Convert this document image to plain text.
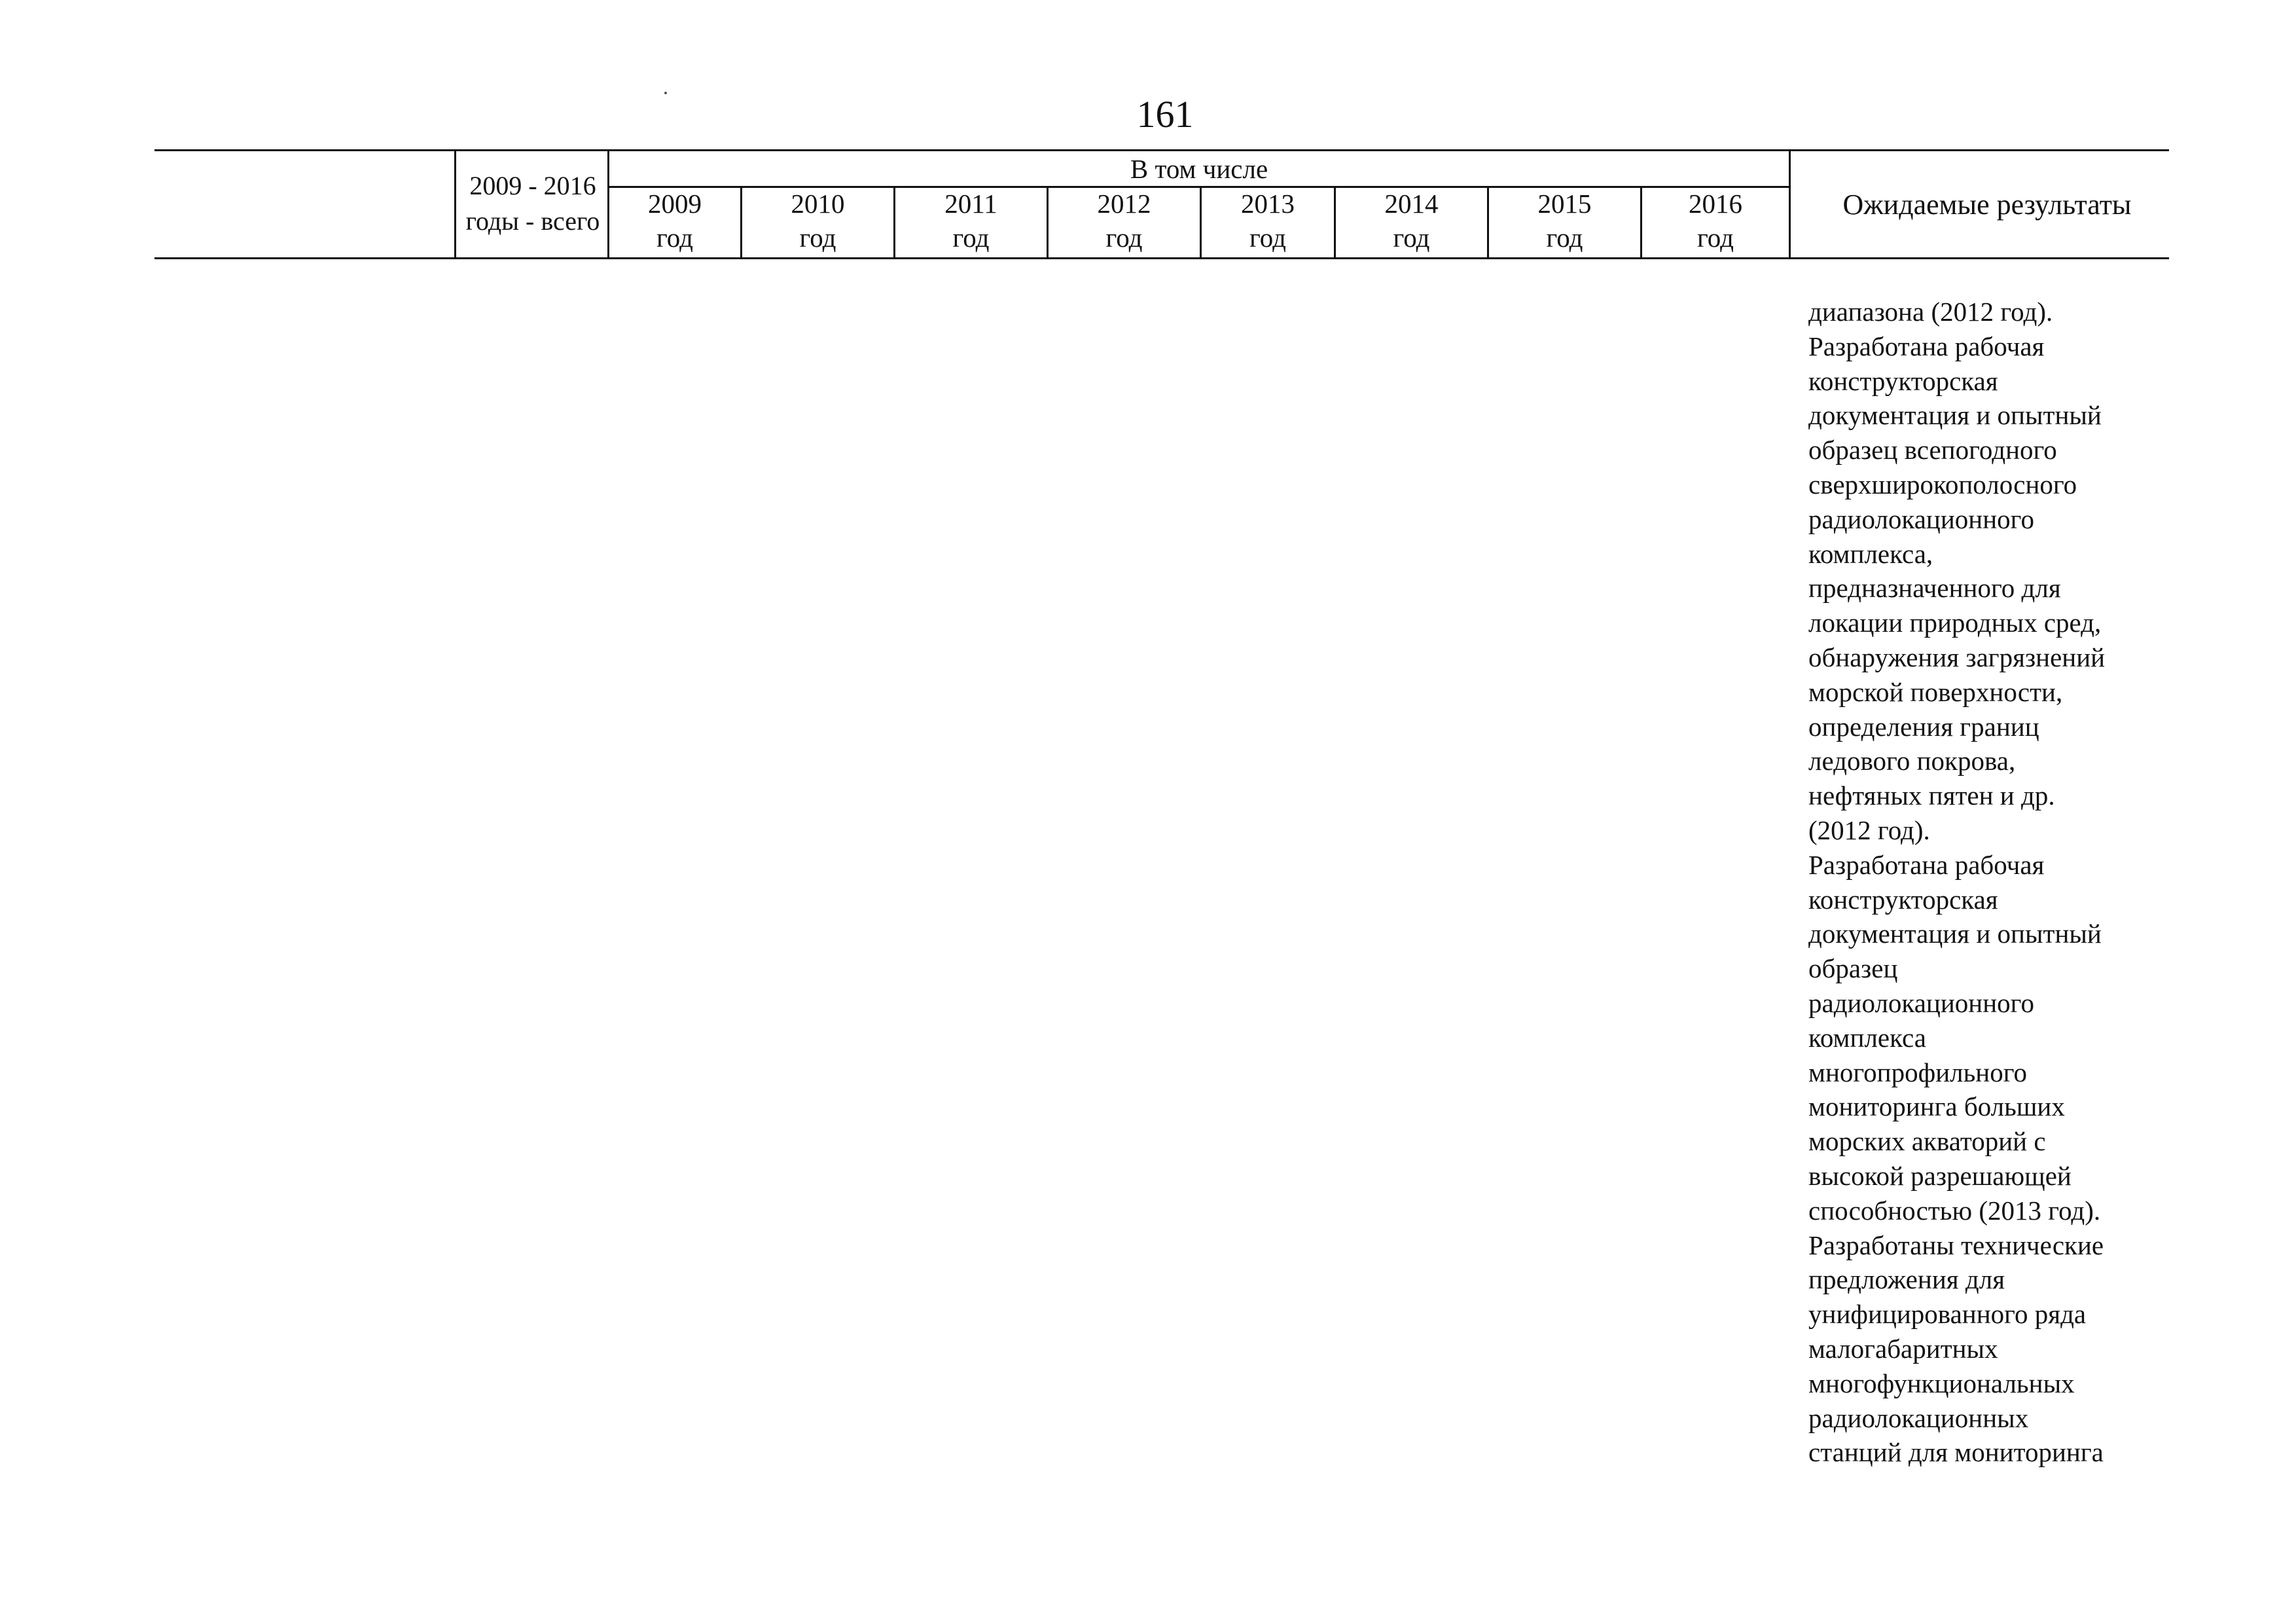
161
2009 - 2016
годы - всего
В том числе
2009
год
2010
год
2011
год
2012
год
2013
год
2014
год
2015
год
2016
год
Ожидаемые результаты
диапазона (2012 год).
Разработана рабочая
конструкторская
документация и опытный
образец всепогодного
сверхширокополосного
радиолокационного
комплекса,
предназначенного для
локации природных сред,
обнаружения загрязнений
морской поверхности,
определения границ
ледового покрова,
нефтяных пятен и др.
(2012 год).
Разработана рабочая
конструкторская
документация и опытный
образец
радиолокационного
комплекса
многопрофильного
мониторинга больших
морских акваторий с
высокой разрешающей
способностью (2013 год).
Разработаны технические
предложения для
унифицированного ряда
малогабаритных
многофункциональных
радиолокационных
станций для мониторинга
